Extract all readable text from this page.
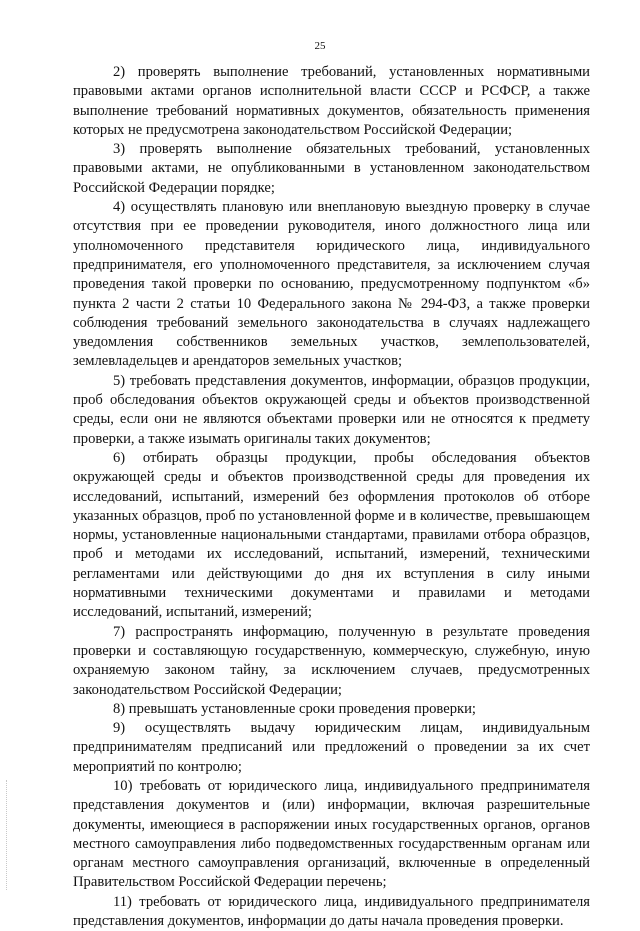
25

2) проверять выполнение требований, установленных нормативными правовыми актами органов исполнительной власти СССР и РСФСР, а также выполнение требований нормативных документов, обязательность применения которых не предусмотрена законодательством Российской Федерации;

3) проверять выполнение обязательных требований, установленных правовыми актами, не опубликованными в установленном законодательством Российской Федерации порядке;

4) осуществлять плановую или внеплановую выездную проверку в случае отсутствия при ее проведении руководителя, иного должностного лица или уполномоченного представителя юридического лица, индивидуального предпринимателя, его уполномоченного представителя, за исключением случая проведения такой проверки по основанию, предусмотренному подпунктом «б» пункта 2 части 2 статьи 10 Федерального закона № 294-ФЗ, а также проверки соблюдения требований земельного законодательства в случаях надлежащего уведомления собственников земельных участков, землепользователей, землевладельцев и арендаторов земельных участков;

5) требовать представления документов, информации, образцов продукции, проб обследования объектов окружающей среды и объектов производственной среды, если они не являются объектами проверки или не относятся к предмету проверки, а также изымать оригиналы таких документов;

6) отбирать образцы продукции, пробы обследования объектов окружающей среды и объектов производственной среды для проведения их исследований, испытаний, измерений без оформления протоколов об отборе указанных образцов, проб по установленной форме и в количестве, превышающем нормы, установленные национальными стандартами, правилами отбора образцов, проб и методами их исследований, испытаний, измерений, техническими регламентами или действующими до дня их вступления в силу иными нормативными техническими документами и правилами и методами исследований, испытаний, измерений;

7) распространять информацию, полученную в результате проведения проверки и составляющую государственную, коммерческую, служебную, иную охраняемую законом тайну, за исключением случаев, предусмотренных законодательством Российской Федерации;

8) превышать установленные сроки проведения проверки;

9) осуществлять выдачу юридическим лицам, индивидуальным предпринимателям предписаний или предложений о проведении за их счет мероприятий по контролю;

10) требовать от юридического лица, индивидуального предпринимателя представления документов и (или) информации, включая разрешительные документы, имеющиеся в распоряжении иных государственных органов, органов местного самоуправления либо подведомственных государственным органам или органам местного самоуправления организаций, включенные в определенный Правительством Российской Федерации перечень;

11) требовать от юридического лица, индивидуального предпринимателя представления документов, информации до даты начала проведения проверки.
